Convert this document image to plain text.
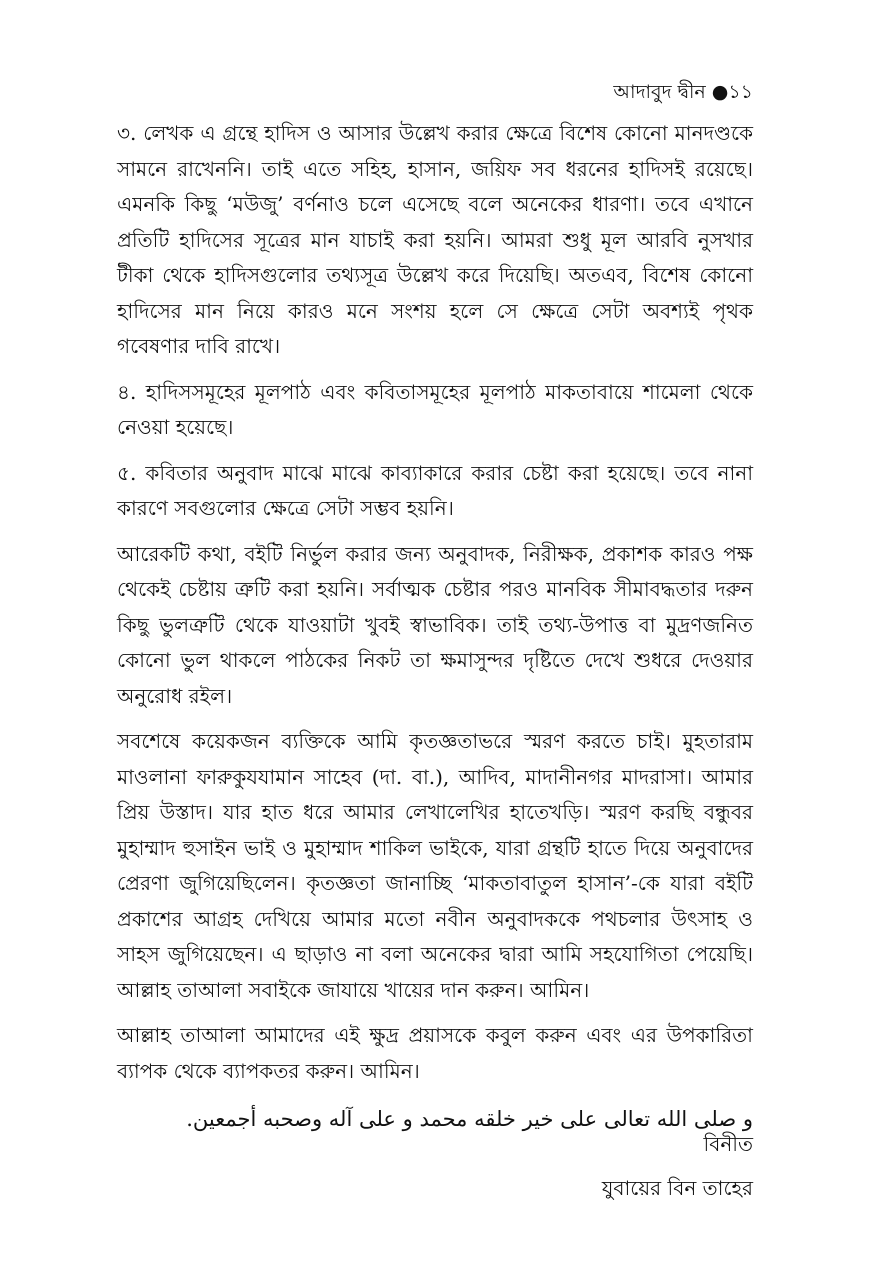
আদাবুদ দ্বীন ●১১

৩. লেখক এ গ্রন্থে হাদিস ও আসার উল্লেখ করার ক্ষেত্রে বিশেষ কোনো মানদণ্ডকে সামনে রাখেননি। তাই এতে সহিহ, হাসান, জয়িফ সব ধরনের হাদিসই রয়েছে। এমনকি কিছু ‘মউজু’ বর্ণনাও চলে এসেছে বলে অনেকের ধারণা। তবে এখানে প্রতিটি হাদিসের সূত্রের মান যাচাই করা হয়নি। আমরা শুধু মূল আরবি নুসখার টীকা থেকে হাদিসগুলোর তথ্যসূত্র উল্লেখ করে দিয়েছি। অতএব, বিশেষ কোনো হাদিসের মান নিয়ে কারও মনে সংশয় হলে সে ক্ষেত্রে সেটা অবশ্যই পৃথক গবেষণার দাবি রাখে।

৪. হাদিসসমূহের মূলপাঠ এবং কবিতাসমূহের মূলপাঠ মাকতাবায়ে শামেলা থেকে নেওয়া হয়েছে।

৫. কবিতার অনুবাদ মাঝে মাঝে কাব্যাকারে করার চেষ্টা করা হয়েছে। তবে নানা কারণে সবগুলোর ক্ষেত্রে সেটা সম্ভব হয়নি।

আরেকটি কথা, বইটি নির্ভুল করার জন্য অনুবাদক, নিরীক্ষক, প্রকাশক কারও পক্ষ থেকেই চেষ্টায় ত্রুটি করা হয়নি। সর্বাত্মক চেষ্টার পরও মানবিক সীমাবদ্ধতার দরুন কিছু ভুলত্রুটি থেকে যাওয়াটা খুবই স্বাভাবিক। তাই তথ্য-উপাত্ত বা মুদ্রণজনিত কোনো ভুল থাকলে পাঠকের নিকট তা ক্ষমাসুন্দর দৃষ্টিতে দেখে শুধরে দেওয়ার অনুরোধ রইল।

সবশেষে কয়েকজন ব্যক্তিকে আমি কৃতজ্ঞতাভরে স্মরণ করতে চাই। মুহতারাম মাওলানা ফারুকুযযামান সাহেব (দা. বা.), আদিব, মাদানীনগর মাদরাসা। আমার প্রিয় উস্তাদ। যার হাত ধরে আমার লেখালেখির হাতেখড়ি। স্মরণ করছি বন্ধুবর মুহাম্মাদ হুসাইন ভাই ও মুহাম্মাদ শাকিল ভাইকে, যারা গ্রন্থটি হাতে দিয়ে অনুবাদের প্রেরণা জুগিয়েছিলেন। কৃতজ্ঞতা জানাচ্ছি ‘মাকতাবাতুল হাসান’-কে যারা বইটি প্রকাশের আগ্রহ দেখিয়ে আমার মতো নবীন অনুবাদককে পথচলার উৎসাহ ও সাহস জুগিয়েছেন। এ ছাড়াও না বলা অনেকের দ্বারা আমি সহযোগিতা পেয়েছি। আল্লাহ তাআলা সবাইকে জাযায়ে খায়ের দান করুন। আমিন।

আল্লাহ তাআলা আমাদের এই ক্ষুদ্র প্রয়াসকে কবুল করুন এবং এর উপকারিতা ব্যাপক থেকে ব্যাপকতর করুন। আমিন।

و صلى الله تعالى على خير خلقه محمد و على آله وصحبه أجمعين.

বিনীত
যুবায়ের বিন তাহের
